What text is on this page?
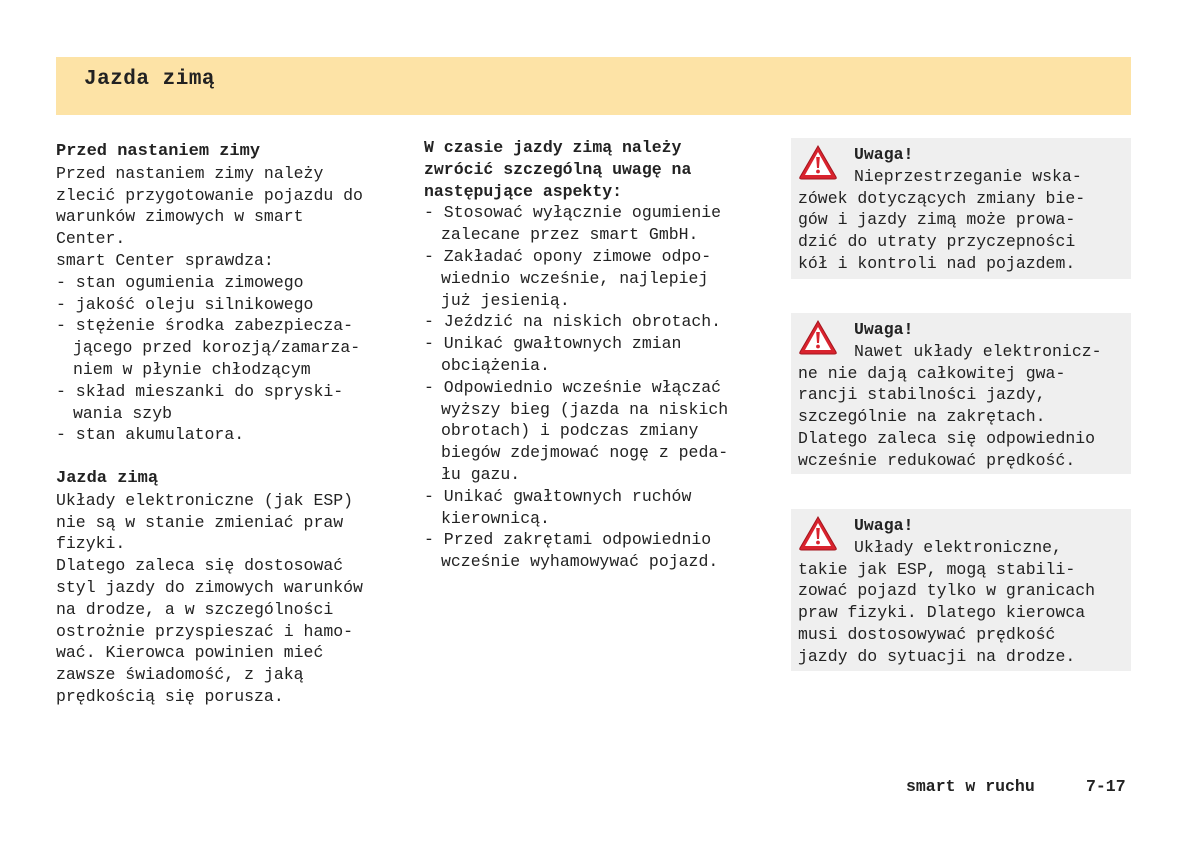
Jazda zimą
Przed nastaniem zimy
Przed nastaniem zimy należy
zlecić przygotowanie pojazdu do
warunków zimowych w smart
Center.
smart Center sprawdza:
- stan ogumienia zimowego
- jakość oleju silnikowego
- stężenie środka zabezpiecza-
jącego przed korozją/zamarza-
niem w płynie chłodzącym
- skład mieszanki do spryski-
wania szyb
- stan akumulatora.
Jazda zimą
Układy elektroniczne (jak ESP)
nie są w stanie zmieniać praw
fizyki.
Dlatego zaleca się dostosować
styl jazdy do zimowych warunków
na drodze, a w szczególności
ostrożnie przyspieszać i hamo-
wać. Kierowca powinien mieć
zawsze świadomość, z jaką
prędkością się porusza.
W czasie jazdy zimą należy
zwrócić szczególną uwagę na
następujące aspekty:
- Stosować wyłącznie ogumienie
zalecane przez smart GmbH.
- Zakładać opony zimowe odpo-
wiednio wcześnie, najlepiej
już jesienią.
- Jeździć na niskich obrotach.
- Unikać gwałtownych zmian
obciążenia.
- Odpowiednio wcześnie włączać
wyższy bieg (jazda na niskich
obrotach) i podczas zmiany
biegów zdejmować nogę z peda-
łu gazu.
- Unikać gwałtownych ruchów
kierownicą.
- Przed zakrętami odpowiednio
wcześnie wyhamowywać pojazd.
Uwaga!
Nieprzestrzeganie wska-
zówek dotyczących zmiany bie-
gów i jazdy zimą może prowa-
dzić do utraty przyczepności
kół i kontroli nad pojazdem.
Uwaga!
Nawet układy elektronicz-
ne nie dają całkowitej gwa-
rancji stabilności jazdy,
szczególnie na zakrętach.
Dlatego zaleca się odpowiednio
wcześnie redukować prędkość.
Uwaga!
Układy elektroniczne,
takie jak ESP, mogą stabili-
zować pojazd tylko w granicach
praw fizyki. Dlatego kierowca
musi dostosowywać prędkość
jazdy do sytuacji na drodze.
smart w ruchu	7-17
